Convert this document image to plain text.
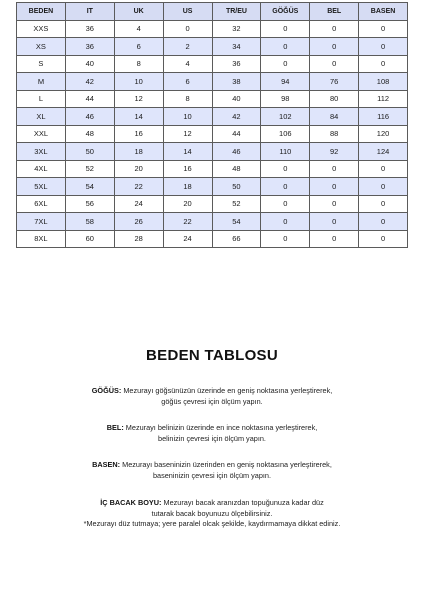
BEDEN	IT	UK	US	TR/EU	GÖĞÜS	BEL	BASEN
XXS	36	4	0	32	0	0	0
XS	36	6	2	34	0	0	0
S	40	8	4	36	0	0	0
M	42	10	6	38	94	76	108
L	44	12	8	40	98	80	112
XL	46	14	10	42	102	84	116
XXL	48	16	12	44	106	88	120
3XL	50	18	14	46	110	92	124
4XL	52	20	16	48	0	0	0
5XL	54	22	18	50	0	0	0
6XL	56	24	20	52	0	0	0
7XL	58	26	22	54	0	0	0
8XL	60	28	24	66	0	0	0
BEDEN TABLOSU
GÖĞÜS: Mezurayı göğsünüzün üzerinde en geniş noktasına yerleştirerek,
göğüs çevresi için ölçüm yapın.
BEL: Mezurayı belinizin üzerinde en ince noktasına yerleştirerek,
belinizin çevresi için ölçüm yapın.
BASEN: Mezurayı baseninizin üzerinden en geniş noktasına yerleştirerek,
baseninizin çevresi için ölçüm yapın.
İÇ BACAK BOYU: Mezurayı bacak aranızdan topuğunuza kadar düz
tutarak bacak boyunuzu ölçebilirsiniz.
*Mezurayı düz tutmaya; yere paralel olcak şekilde, kaydırmamaya dikkat ediniz.
